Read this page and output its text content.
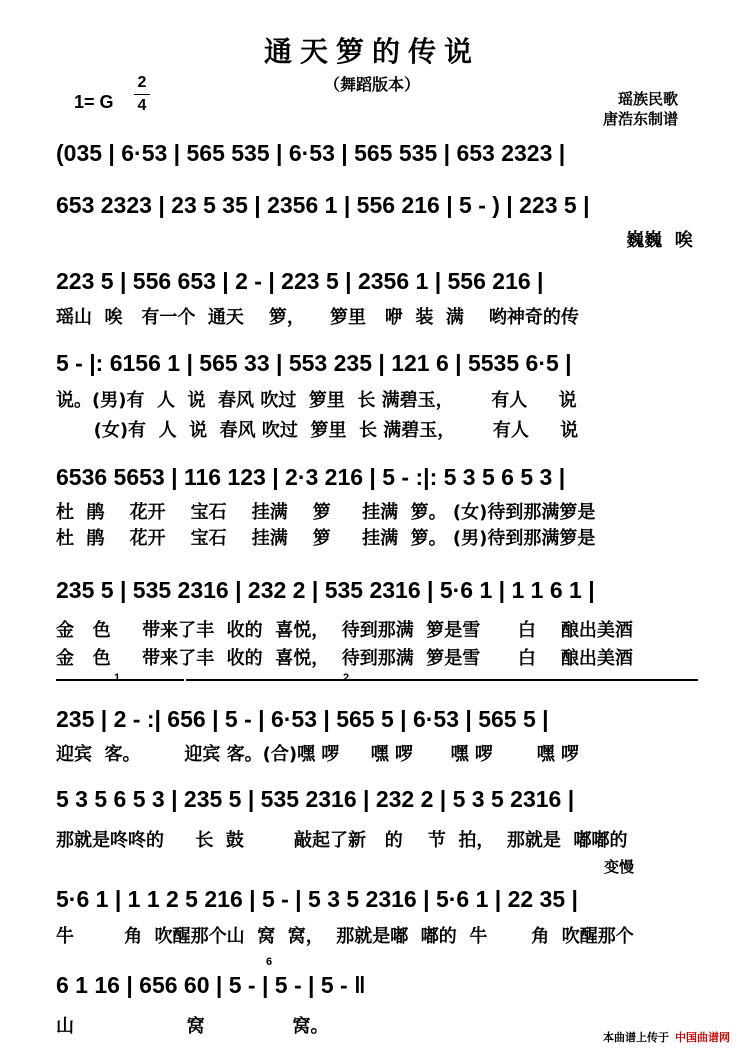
通天箩的传说
（舞蹈版本）
1= G
2
4	瑶族民歌
唐浩东制谱
(035 | 6·53 | 565 535 | 6·53 | 565 535 | 653 2323 |
653 2323 | 23 5 35 | 2356 1 | 556 216 | 5 - ) | 223 5 |
巍巍  唉
223 5 | 556 653 | 2 - | 223 5 | 2356 1 | 556 216 |
瑶山  唉   有一个  通天    箩，    箩里   咿  装  满    哟神奇的传
5 - |: 6156 1 | 565 33 | 553 235 | 121 6 | 5535 6·5 |
说。(男)有  人  说  春风 吹过  箩里  长 满碧玉，      有人     说
(女)有  人  说  春风 吹过  箩里  长 满碧玉，      有人     说
6536 5653 | 116 123 | 2·3 216 | 5 - :|: 5 3 5 6 5 3 |
杜  鹃    花开    宝石    挂满    箩     挂满  箩。 (女)待到那满箩是
杜  鹃    花开    宝石    挂满    箩     挂满  箩。 (男)待到那满箩是
235 5 | 535 2316 | 232 2 | 535 2316 | 5·6 1 | 1 1 6 1 |
金   色     带来了丰  收的  喜悦，  待到那满  箩是雪      白    酿出美酒
金   色     带来了丰  收的  喜悦，  待到那满  箩是雪      白    酿出美酒
1	2
235 | 2 - :| 656 | 5 - | 6·53 | 565 5 | 6·53 | 565 5 |
迎宾  客。       迎宾 客。(合)嘿 啰     嘿 啰      嘿 啰       嘿 啰
5 3 5 6 5 3 | 235 5 | 535 2316 | 232 2 | 5 3 5 2316 |
那就是咚咚的     长  鼓        敲起了新   的    节  拍，  那就是  嘟嘟的
变慢
5·6 1 | 1 1 2 5 216 | 5 - | 5 3 5 2316 | 5·6 1 | 22 35 |
牛        角  吹醒那个山  窝  窝，  那就是嘟  嘟的  牛       角  吹醒那个
6
6 1 16 | 656 60 | 5 - | 5 - | 5 - ‖
山                  窝              窝。
本曲谱上传于 中国曲谱网
